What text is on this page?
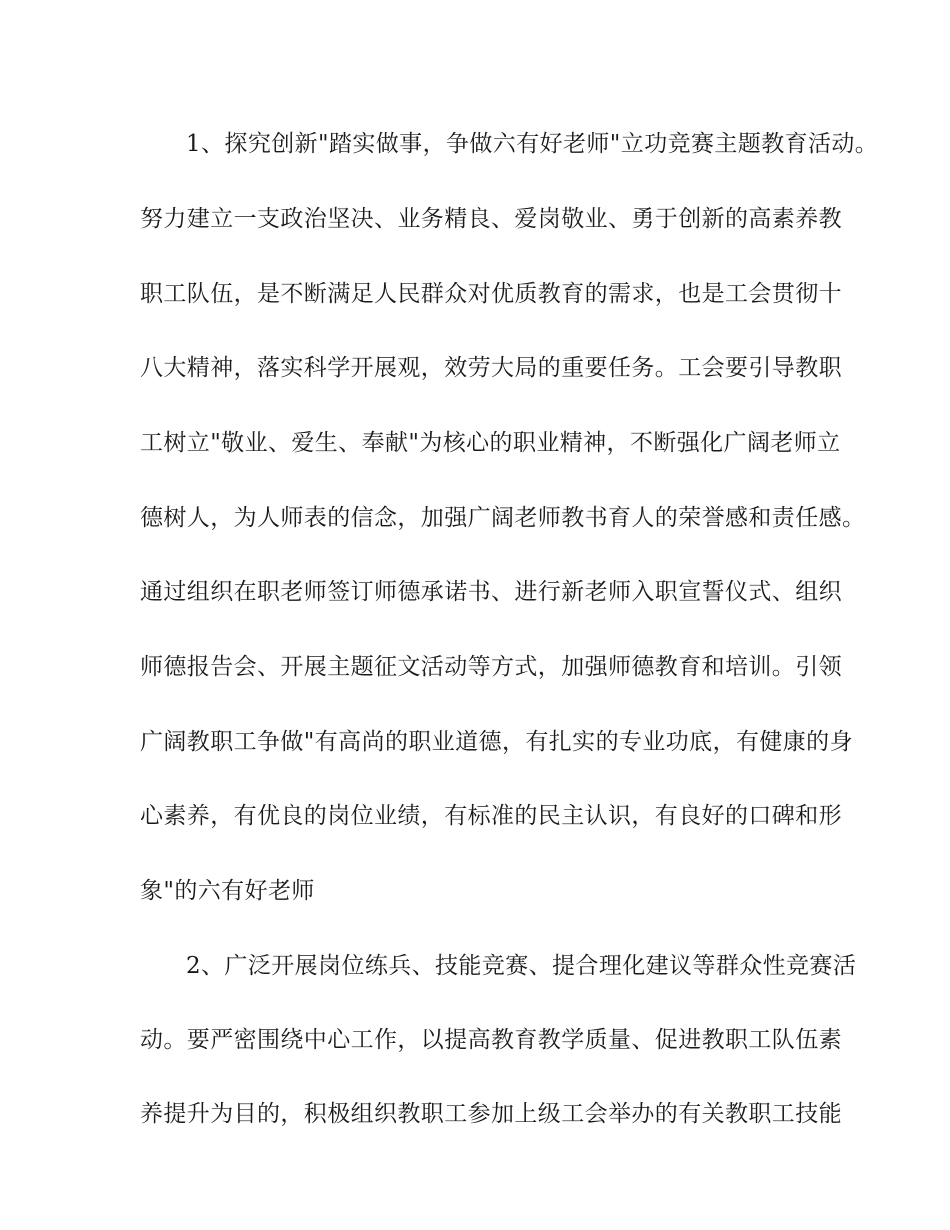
1、探究创新"踏实做事，争做六有好老师"立功竞赛主题教育活动。
努力建立一支政治坚决、业务精良、爱岗敬业、勇于创新的高素养教
职工队伍，是不断满足人民群众对优质教育的需求，也是工会贯彻十
八大精神，落实科学开展观，效劳大局的重要任务。工会要引导教职
工树立"敬业、爱生、奉献"为核心的职业精神，不断强化广阔老师立
德树人，为人师表的信念，加强广阔老师教书育人的荣誉感和责任感。
通过组织在职老师签订师德承诺书、进行新老师入职宣誓仪式、组织
师德报告会、开展主题征文活动等方式，加强师德教育和培训。引领
广阔教职工争做"有高尚的职业道德，有扎实的专业功底，有健康的身
心素养，有优良的岗位业绩，有标准的民主认识，有良好的口碑和形
象"的六有好老师
2、广泛开展岗位练兵、技能竞赛、提合理化建议等群众性竞赛活
动。要严密围绕中心工作，以提高教育教学质量、促进教职工队伍素
养提升为目的，积极组织教职工参加上级工会举办的有关教职工技能
